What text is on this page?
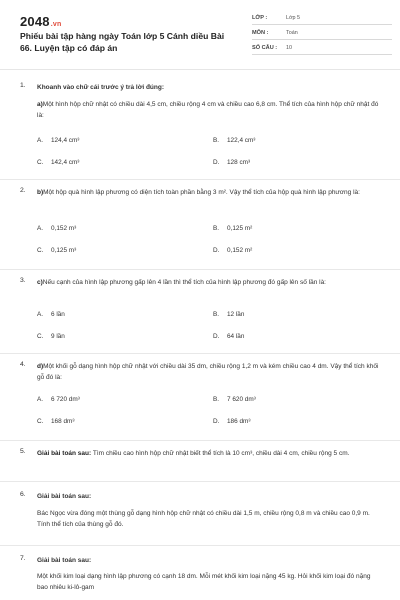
2048.vn
Phiếu bài tập hàng ngày Toán lớp 5 Cánh diều Bài 66. Luyện tập có đáp án
LỚP :	Lớp 5
MÔN :	Toán
SỐ CÂU :	10
1. Khoanh vào chữ cái trước ý trả lời đúng:
a)Một hình hộp chữ nhật có chiều dài 4,5 cm, chiều rộng 4 cm và chiều cao 6,8 cm. Thể tích của hình hộp chữ nhật đó là:
A. 124,4 cm³	B. 122,4 cm³
C. 142,4 cm³	D. 128 cm³
2. b)Một hộp quà hình lập phương có diện tích toàn phần bằng 3 m². Vậy thể tích của hộp quà hình lập phương là:
A. 0,152 m³	B. 0,125 m²
C. 0,125 m³	D. 0,152 m²
3. c)Nếu cạnh của hình lập phương gấp lên 4 lần thì thể tích của hình lập phương đó gấp lên số lần là:
A. 6 lần	B. 12 lần
C. 9 lần	D. 64 lần
4. d)Một khối gỗ dạng hình hộp chữ nhật với chiều dài 35 dm, chiều rộng 1,2 m và kém chiều cao 4 dm. Vậy thể tích khối gỗ đó là:
A. 6 720 dm³	B. 7 620 dm³
C. 168 dm³	D. 186 dm³
5. Giải bài toán sau: Tìm chiều cao hình hộp chữ nhật biết thể tích là 10 cm³, chiều dài 4 cm, chiều rộng 5 cm.
6. Giải bài toán sau:
Bác Ngọc vừa đóng một thùng gỗ dạng hình hộp chữ nhật có chiều dài 1,5 m, chiều rộng 0,8 m và chiều cao 0,9 m. Tính thể tích của thùng gỗ đó.
7. Giải bài toán sau:
Một khối kim loại dạng hình lập phương có cạnh 18 dm. Mỗi mét khối kim loại nặng 45 kg. Hỏi khối kim loại đó nặng bao nhiêu ki-lô-gam
